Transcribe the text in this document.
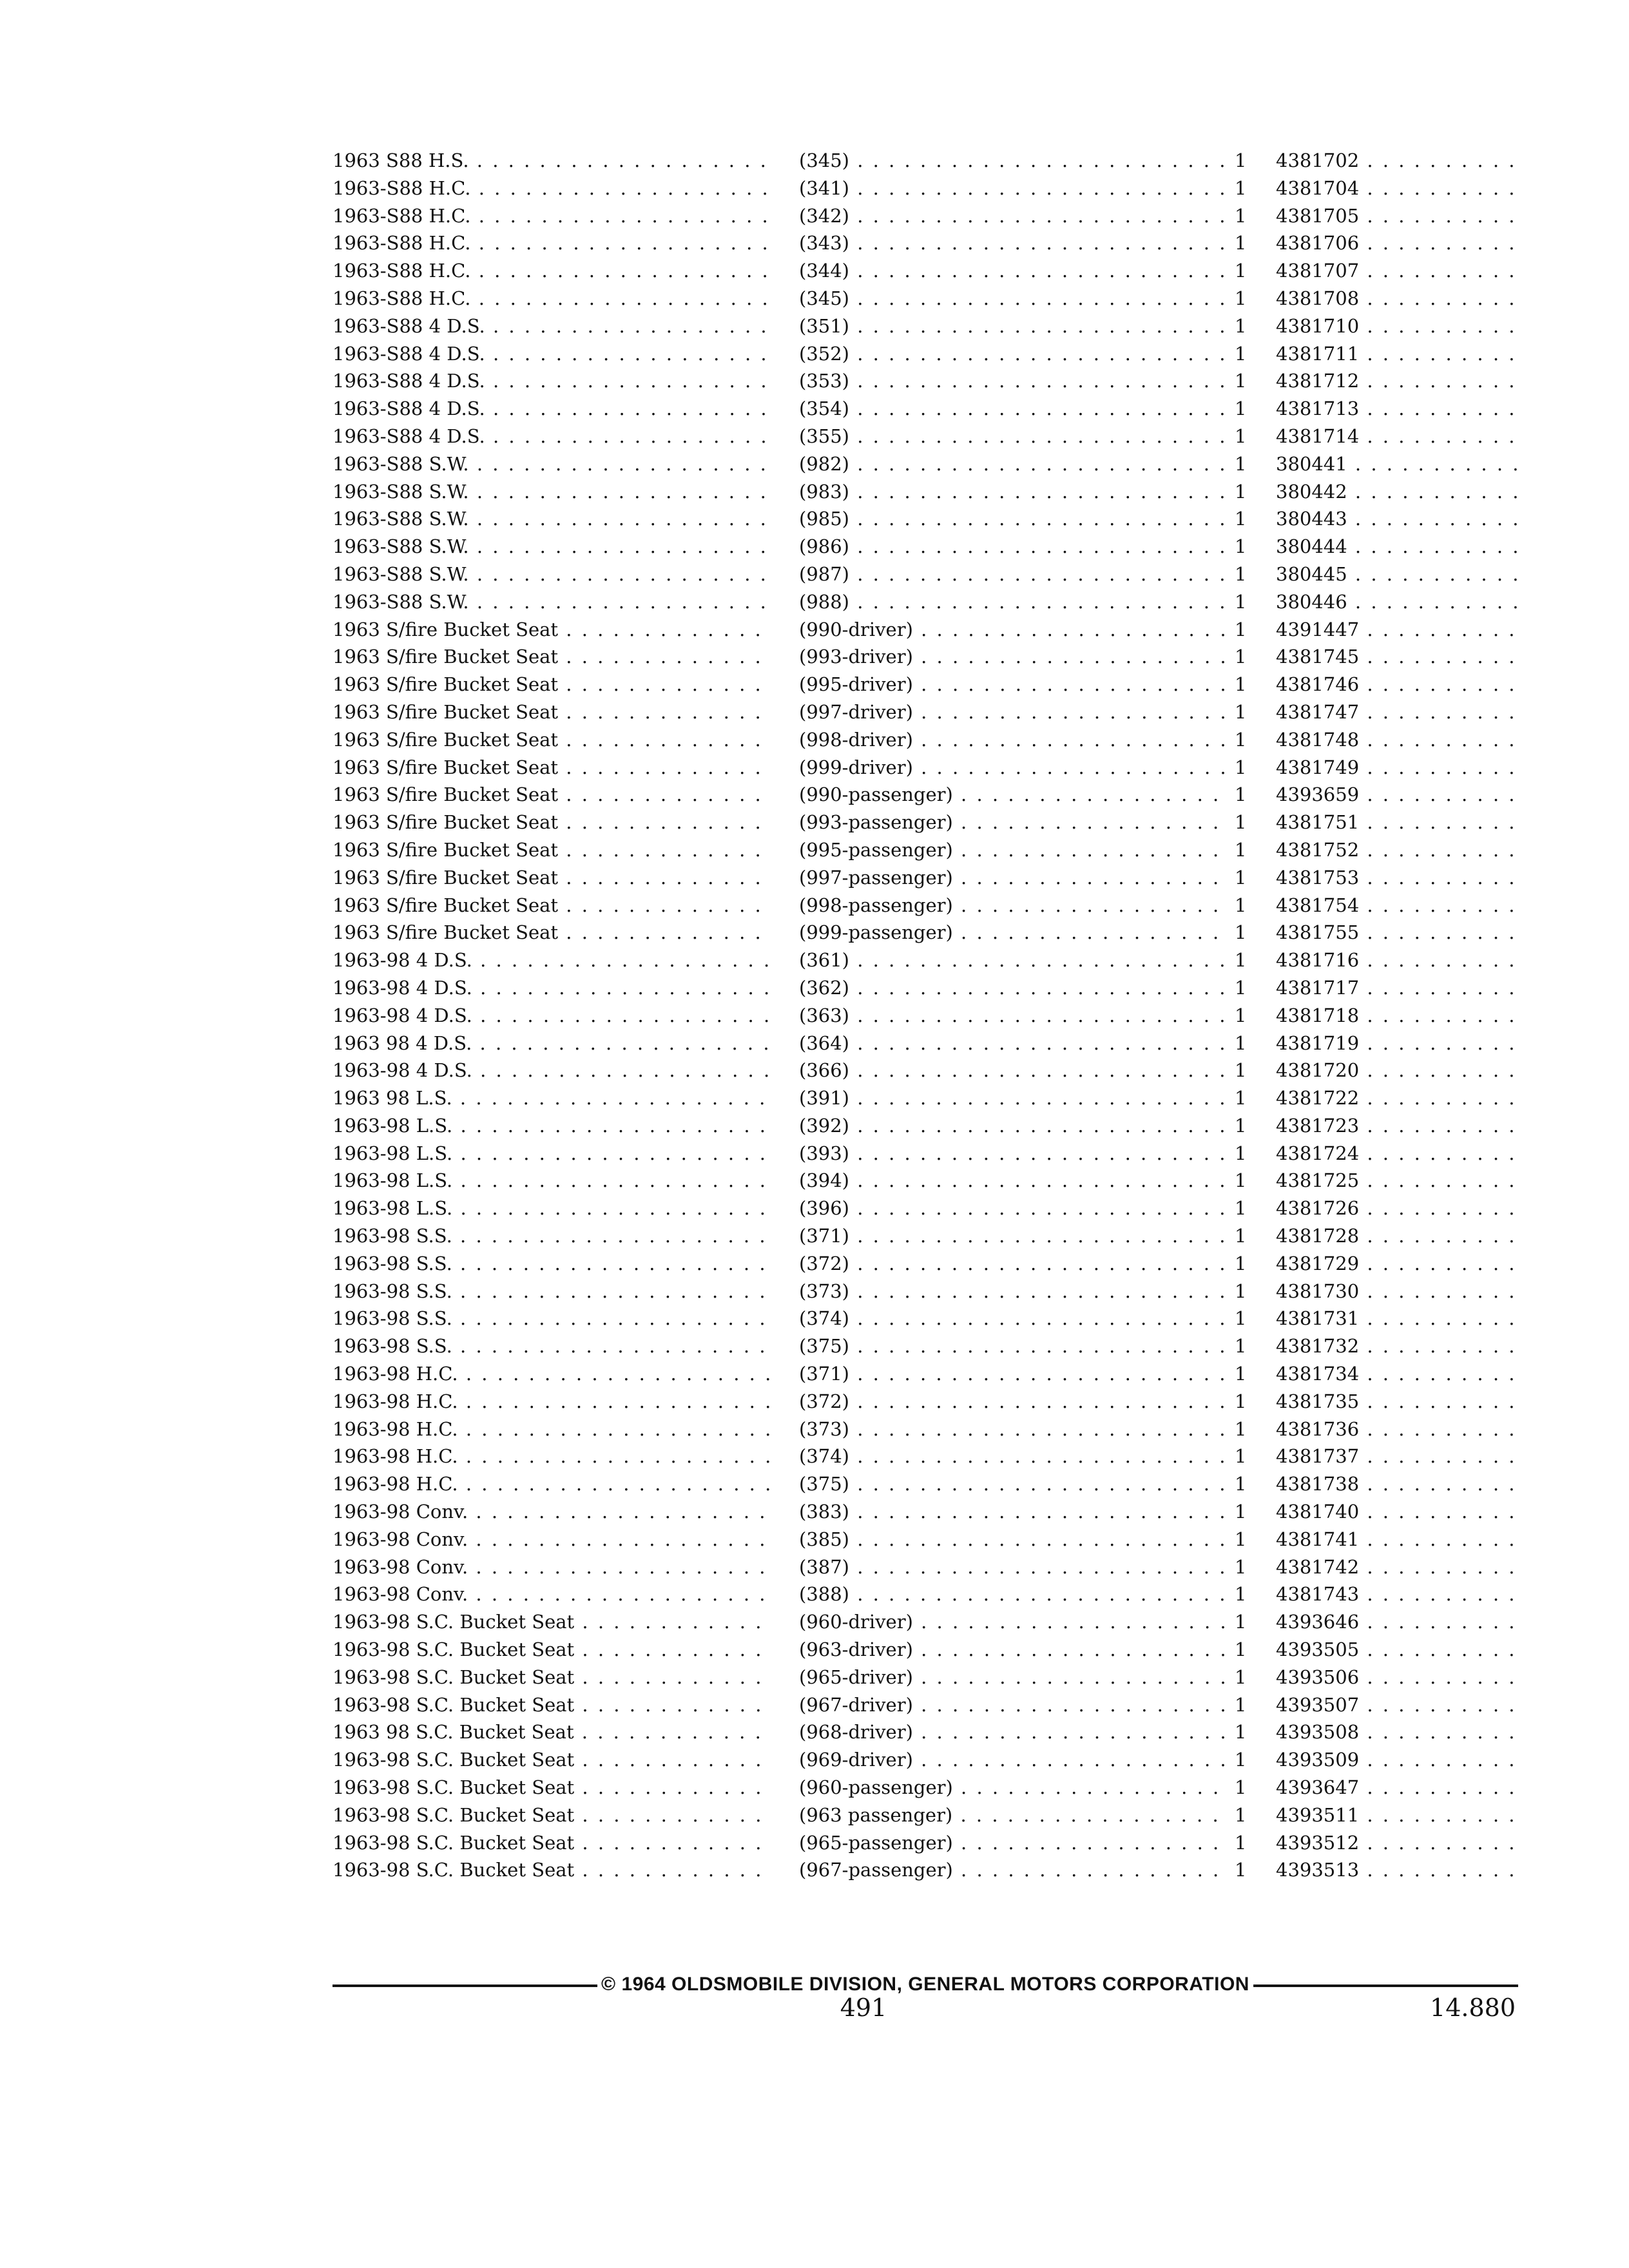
1963 S88 H.S. . . .	(345) . . .	1	4381702 . . .
1963-S88 H.C. . . .	(341) . . .	1	4381704 . . .
1963-S88 H.C. . . .	(342) . . .	1	4381705 . . .
1963-S88 H.C. . . .	(343) . . .	1	4381706 . . .
1963-S88 H.C. . . .	(344) . . .	1	4381707 . . .
1963-S88 H.C. . . .	(345) . . .	1	4381708 . . .
1963-S88 4 D.S. . . .	(351) . . .	1	4381710 . . .
1963-S88 4 D.S. . . .	(352) . . .	1	4381711 . . .
1963-S88 4 D.S. . . .	(353) . . .	1	4381712 . . .
1963-S88 4 D.S. . . .	(354) . . .	1	4381713 . . .
1963-S88 4 D.S. . . .	(355) . . .	1	4381714 . . .
1963-S88 S.W. . . .	(982) . . .	1	380441 . . .
1963-S88 S.W. . . .	(983) . . .	1	380442 . . .
1963-S88 S.W. . . .	(985) . . .	1	380443 . . .
1963-S88 S.W. . . .	(986) . . .	1	380444 . . .
1963-S88 S.W. . . .	(987) . . .	1	380445 . . .
1963-S88 S.W. . . .	(988) . . .	1	380446 . . .
1963 S/fire Bucket Seat . . .	(990-driver) . . .	1	4391447 . . .
1963 S/fire Bucket Seat . . .	(993-driver) . . .	1	4381745 . . .
1963 S/fire Bucket Seat . . .	(995-driver) . . .	1	4381746 . . .
1963 S/fire Bucket Seat . . .	(997-driver) . . .	1	4381747 . . .
1963 S/fire Bucket Seat . . .	(998-driver) . . .	1	4381748 . . .
1963 S/fire Bucket Seat . . .	(999-driver) . . .	1	4381749 . . .
1963 S/fire Bucket Seat . . .	(990-passenger) . . .	1	4393659 . . .
1963 S/fire Bucket Seat . . .	(993-passenger) . . .	1	4381751 . . .
1963 S/fire Bucket Seat . . .	(995-passenger) . . .	1	4381752 . . .
1963 S/fire Bucket Seat . . .	(997-passenger) . . .	1	4381753 . . .
1963 S/fire Bucket Seat . . .	(998-passenger) . . .	1	4381754 . . .
1963 S/fire Bucket Seat . . .	(999-passenger) . . .	1	4381755 . . .
1963-98 4 D.S. . . .	(361) . . .	1	4381716 . . .
1963-98 4 D.S. . . .	(362) . . .	1	4381717 . . .
1963-98 4 D.S. . . .	(363) . . .	1	4381718 . . .
1963 98 4 D.S. . . .	(364) . . .	1	4381719 . . .
1963-98 4 D.S. . . .	(366) . . .	1	4381720 . . .
1963 98 L.S. . . .	(391) . . .	1	4381722 . . .
1963-98 L.S. . . .	(392) . . .	1	4381723 . . .
1963-98 L.S. . . .	(393) . . .	1	4381724 . . .
1963-98 L.S. . . .	(394) . . .	1	4381725 . . .
1963-98 L.S. . . .	(396) . . .	1	4381726 . . .
1963-98 S.S. . . .	(371) . . .	1	4381728 . . .
1963-98 S.S. . . .	(372) . . .	1	4381729 . . .
1963-98 S.S. . . .	(373) . . .	1	4381730 . . .
1963-98 S.S. . . .	(374) . . .	1	4381731 . . .
1963-98 S.S. . . .	(375) . . .	1	4381732 . . .
1963-98 H.C. . . .	(371) . . .	1	4381734 . . .
1963-98 H.C. . . .	(372) . . .	1	4381735 . . .
1963-98 H.C. . . .	(373) . . .	1	4381736 . . .
1963-98 H.C. . . .	(374) . . .	1	4381737 . . .
1963-98 H.C. . . .	(375) . . .	1	4381738 . . .
1963-98 Conv. . . .	(383) . . .	1	4381740 . . .
1963-98 Conv. . . .	(385) . . .	1	4381741 . . .
1963-98 Conv. . . .	(387) . . .	1	4381742 . . .
1963-98 Conv. . . .	(388) . . .	1	4381743 . . .
1963-98 S.C. Bucket Seat . . .	(960-driver) . . .	1	4393646 . . .
1963-98 S.C. Bucket Seat . . .	(963-driver) . . .	1	4393505 . . .
1963-98 S.C. Bucket Seat . . .	(965-driver) . . .	1	4393506 . . .
1963-98 S.C. Bucket Seat . . .	(967-driver) . . .	1	4393507 . . .
1963 98 S.C. Bucket Seat . . .	(968-driver) . . .	1	4393508 . . .
1963-98 S.C. Bucket Seat . . .	(969-driver) . . .	1	4393509 . . .
1963-98 S.C. Bucket Seat . . .	(960-passenger) . . .	1	4393647 . . .
1963-98 S.C. Bucket Seat . . .	(963 passenger) . . .	1	4393511 . . .
1963-98 S.C. Bucket Seat . . .	(965-passenger) . . .	1	4393512 . . .
1963-98 S.C. Bucket Seat . . .	(967-passenger) . . .	1	4393513 . . .
© 1964 OLDSMOBILE DIVISION, GENERAL MOTORS CORPORATION
491	14.880
